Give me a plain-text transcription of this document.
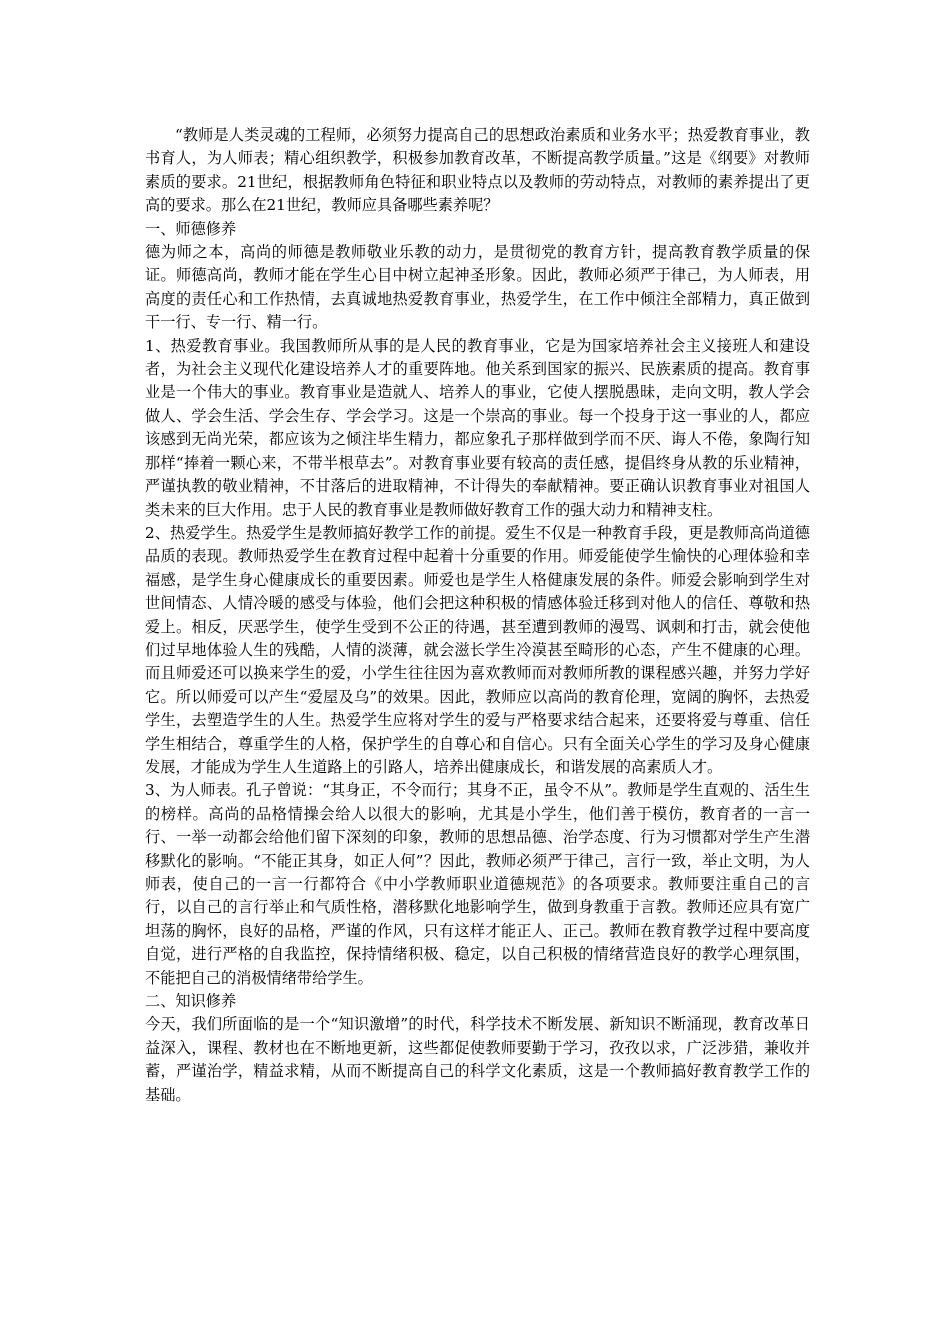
“教师是人类灵魂的工程师，必须努力提高自己的思想政治素质和业务水平；热爱教育事业，教书育人，为人师表；精心组织教学，积极参加教育改革，不断提高教学质量。”这是《纲要》对教师素质的要求。21世纪，根据教师角色特征和职业特点以及教师的劳动特点，对教师的素养提出了更高的要求。那么在21世纪，教师应具备哪些素养呢？

一、师德修养

德为师之本，高尚的师德是教师敬业乐教的动力，是贯彻党的教育方针，提高教育教学质量的保证。师德高尚，教师才能在学生心目中树立起神圣形象。因此，教师必须严于律己，为人师表，用高度的责任心和工作热情，去真诚地热爱教育事业，热爱学生，在工作中倾注全部精力，真正做到干一行、专一行、精一行。

1、热爱教育事业。我国教师所从事的是人民的教育事业，它是为国家培养社会主义接班人和建设者，为社会主义现代化建设培养人才的重要阵地。他关系到国家的振兴、民族素质的提高。教育事业是一个伟大的事业。教育事业是造就人、培养人的事业，它使人摆脱愚昧，走向文明，教人学会做人、学会生活、学会生存、学会学习。这是一个崇高的事业。每一个投身于这一事业的人，都应该感到无尚光荣，都应该为之倾注毕生精力，都应象孔子那样做到学而不厌、诲人不倦，象陶行知那样“捧着一颗心来，不带半根草去”。对教育事业要有较高的责任感，提倡终身从教的乐业精神，严谨执教的敬业精神，不甘落后的进取精神，不计得失的奉献精神。要正确认识教育事业对祖国人类未来的巨大作用。忠于人民的教育事业是教师做好教育工作的强大动力和精神支柱。

2、热爱学生。热爱学生是教师搞好教学工作的前提。爱生不仅是一种教育手段，更是教师高尚道德品质的表现。教师热爱学生在教育过程中起着十分重要的作用。师爱能使学生愉快的心理体验和幸福感，是学生身心健康成长的重要因素。师爱也是学生人格健康发展的条件。师爱会影响到学生对世间情态、人情冷暖的感受与体验，他们会把这种积极的情感体验迁移到对他人的信任、尊敬和热爱上。相反，厌恶学生，使学生受到不公正的待遇，甚至遭到教师的漫骂、讽刺和打击，就会使他们过早地体验人生的残酷，人情的淡薄，就会滋长学生冷漠甚至畸形的心态，产生不健康的心理。而且师爱还可以换来学生的爱，小学生往往因为喜欢教师而对教师所教的课程感兴趣，并努力学好它。所以师爱可以产生“爱屋及乌”的效果。因此，教师应以高尚的教育伦理，宽阔的胸怀，去热爱学生，去塑造学生的人生。热爱学生应将对学生的爱与严格要求结合起来，还要将爱与尊重、信任学生相结合，尊重学生的人格，保护学生的自尊心和自信心。只有全面关心学生的学习及身心健康发展，才能成为学生人生道路上的引路人，培养出健康成长，和谐发展的高素质人才。

3、为人师表。孔子曾说：“其身正，不令而行；其身不正，虽令不从”。教师是学生直观的、活生生的榜样。高尚的品格情操会给人以很大的影响，尤其是小学生，他们善于模仿，教育者的一言一行、一举一动都会给他们留下深刻的印象，教师的思想品德、治学态度、行为习惯都对学生产生潜移默化的影响。“不能正其身，如正人何”？因此，教师必须严于律己，言行一致，举止文明，为人师表，使自己的一言一行都符合《中小学教师职业道德规范》的各项要求。教师要注重自己的言行，以自己的言行举止和气质性格，潜移默化地影响学生，做到身教重于言教。教师还应具有宽广坦荡的胸怀，良好的品格，严谨的作风，只有这样才能正人、正己。教师在教育教学过程中要高度自觉，进行严格的自我监控，保持情绪积极、稳定，以自己积极的情绪营造良好的教学心理氛围，不能把自己的消极情绪带给学生。

二、知识修养

今天，我们所面临的是一个“知识激增”的时代，科学技术不断发展、新知识不断涌现，教育改革日益深入，课程、教材也在不断地更新，这些都促使教师要勤于学习，孜孜以求，广泛涉猎，兼收并蓄，严谨治学，精益求精，从而不断提高自己的科学文化素质，这是一个教师搞好教育教学工作的基础。
